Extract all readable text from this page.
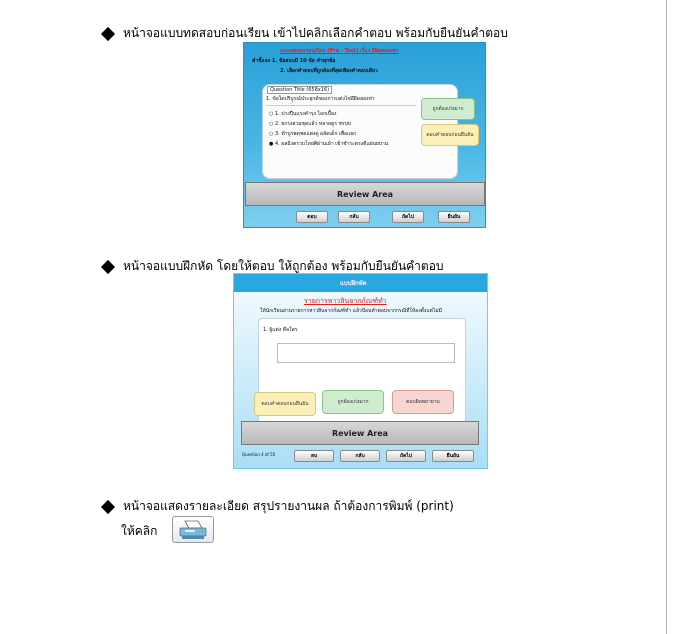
หน้าจอแบบทดสอบก่อนเรียน เข้าไปคลิกเลือกคำตอบ พร้อมกับยืนยันคำตอบ
แบบทดสอบก่อนเรียน (Pre - Test) เรื่อง อิฐิดตลองท่า
คำชี้แจง 1. ข้อสอบมี 10 ข้อ ทำทุกข้อ
2. เลือกคำตอบที่ถูกต้องที่สุดเพียงคำตอบเดียว
Question Title (658x16)
1. ข้อใดปริบูรณ์ประยุกต์ของการแต่งไข่อีฝิดลองท่า
○ 1. ปางปืนแรงคำรุง ไอกเบื้อง
○ 2. ยกรงสวมชุดแล้ว หลายดูร ชรบบ
○ 3. ทำบูรพดุชดแต่งดู ผลัดเด็ก เพื่อแยก
● 4. ผลมิ่งตรวบโหยศิผ่านเผ้า เข้าชำระตรงดีแผ่นยบาน
ถูกต้องเก่งมาก
ตอบคำตอบก่อนยืนยัน
Review Area
ตอบ	กลับ	ถัดไป	ยืนยัน
หน้าจอแบบฝึกหัด โดยให้ตอบ ให้ถูกต้อง พร้อมกับยืนยันคำตอบ
แบบฝึกหัด
รายการหาวสินจากก์ณฑ์ทำ
ให้นักเรียนอ่านรายการหาวสินจากก์ณฑ์ทำ แล้วป้อนคำตอบจากกรณีที่ให้ลงตั้งแต่ไม่มี
1. ผู้แต่ง คือใคร
ตอบคำตอบก่อนยืนยัน	ถูกต้องเก่งมาก	ตอบผิดพยายาม
Review Area
Question 4 of 55	ลบ	กลับ	ถัดไป	ยืนยัน
หน้าจอแสดงรายละเอียด สรุปรายงานผล ถ้าต้องการพิมพ์ (print)
ให้คลิก
